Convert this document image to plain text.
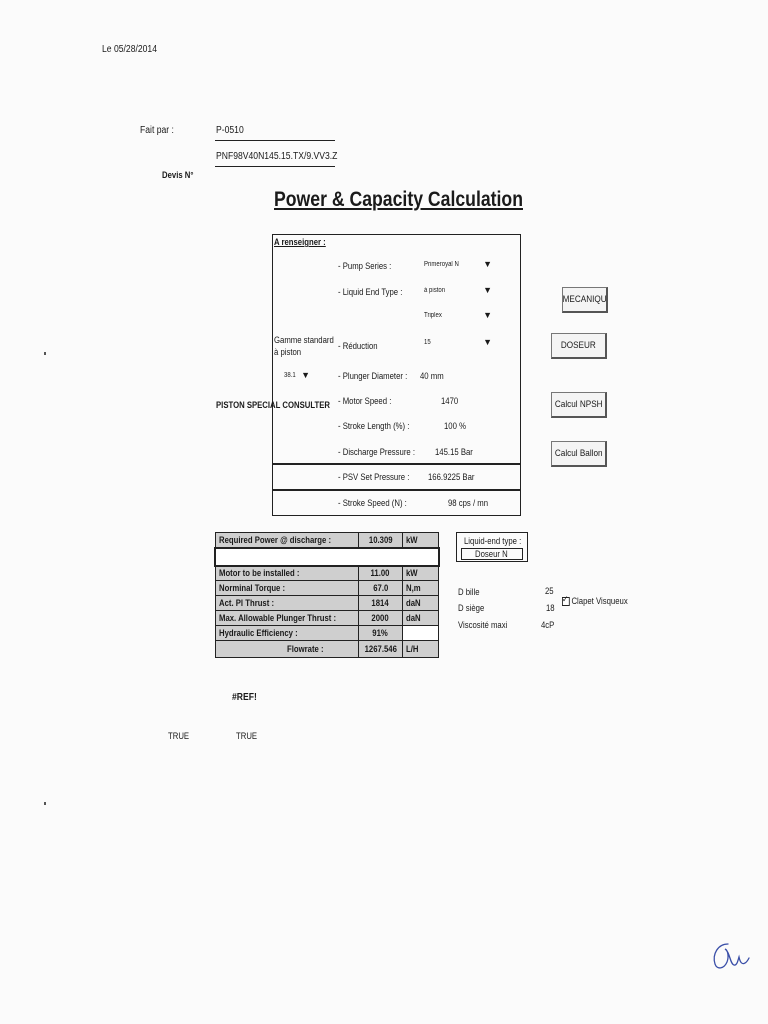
Le 05/28/2014
Fait par :	P-0510
PNF98V40N145.15.TX/9.VV3.Z
Devis N°
Power & Capacity Calculation
A renseigner :
- Pump Series :	Primeroyal N	▼
- Liquid End Type :	à piston	▼
Triplex	▼
Gamme standard
à piston
- Réduction	15	▼
38.1 ▼	- Plunger Diameter : 40 mm
PISTON SPECIAL CONSULTER - Motor Speed :	1470
- Stroke Length (%) :	100 %
- Discharge Pressure : 145.15 Bar
- PSV Set Pressure : 166.9225 Bar
- Stroke Speed (N) :	98 cps / mn
MECANIQU
DOSEUR
Calcul NPSH
Calcul Ballon
Required Power @ discharge :	10.309	kW

Motor to be installed :	11.00	kW
Norminal Torque :	67.0	N,m
Act. Pl Thrust :	1814	daN
Max. Allowable Plunger Thrust :	2000	daN
Hydraulic Efficiency :	91%	
Flowrate :	1267.546	L/H
Liquid-end type :
Doseur N
D bille	25
D siège	18
Viscosité maxi	4cP
✓Clapet Visqueux
#REF!
TRUE	TRUE
